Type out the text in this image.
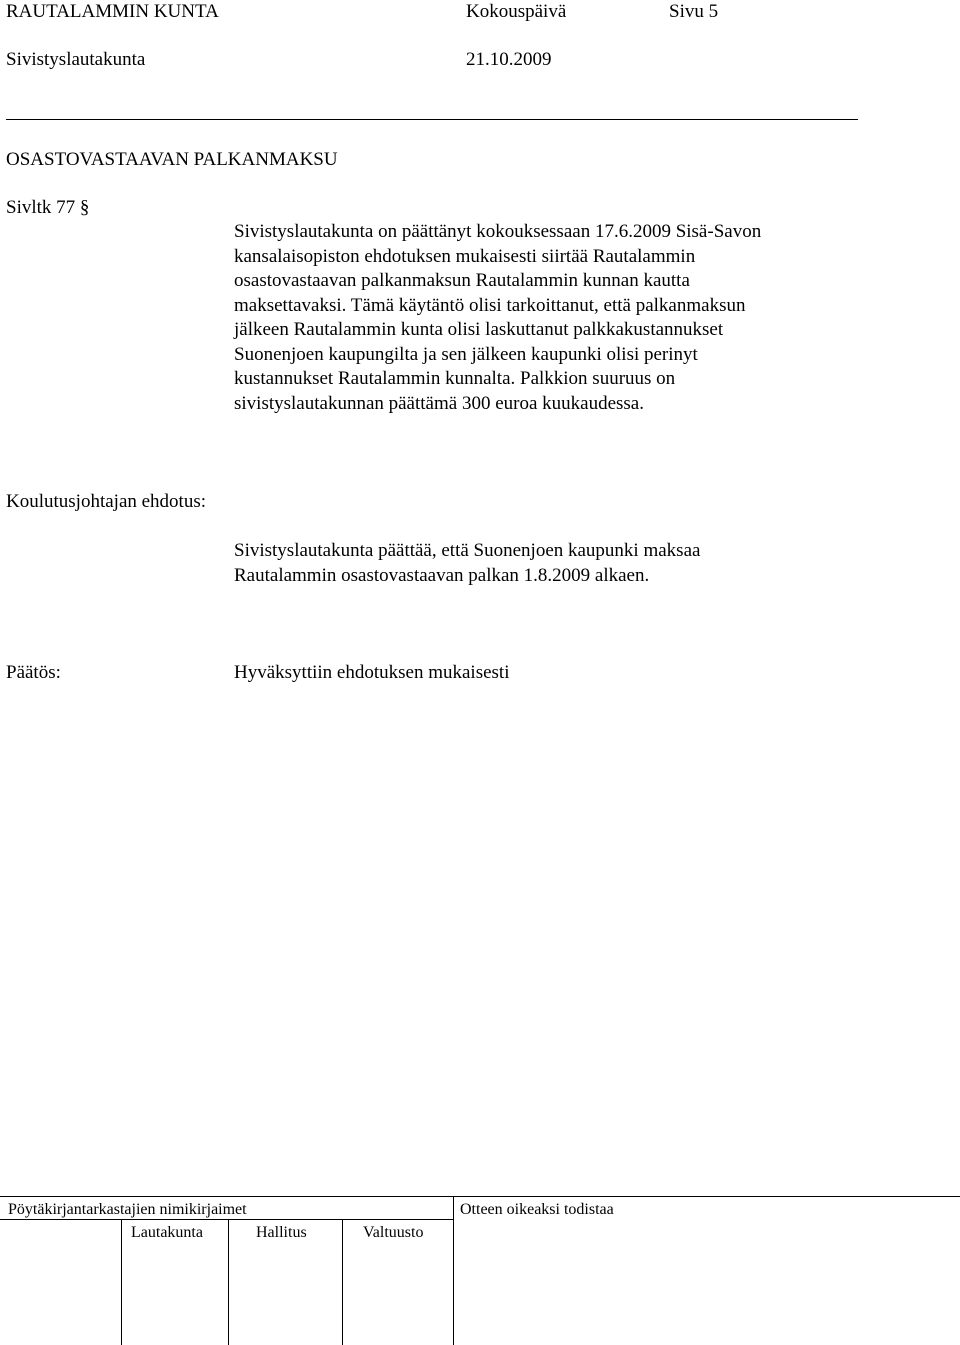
RAUTALAMMIN KUNTA	Kokouspäivä	Sivu 5
Sivistyslautakunta	21.10.2009
OSASTOVASTAAVAN PALKANMAKSU
Sivltk 77 §
Sivistyslautakunta on päättänyt kokouksessaan 17.6.2009 Sisä-Savon
kansalaisopiston ehdotuksen mukaisesti siirtää Rautalammin
osastovastaavan palkanmaksun Rautalammin kunnan kautta
maksettavaksi. Tämä käytäntö olisi tarkoittanut, että palkanmaksun
jälkeen Rautalammin kunta olisi laskuttanut palkkakustannukset
Suonenjoen kaupungilta ja sen jälkeen kaupunki olisi perinyt
kustannukset Rautalammin kunnalta. Palkkion suuruus on
sivistyslautakunnan päättämä 300 euroa kuukaudessa.
Koulutusjohtajan ehdotus:
Sivistyslautakunta päättää, että Suonenjoen kaupunki maksaa
Rautalammin osastovastaavan palkan 1.8.2009 alkaen.
Päätös:	Hyväksyttiin ehdotuksen mukaisesti
Pöytäkirjantarkastajien nimikirjaimet
Lautakunta	Hallitus	Valtuusto
Otteen oikeaksi todistaa
